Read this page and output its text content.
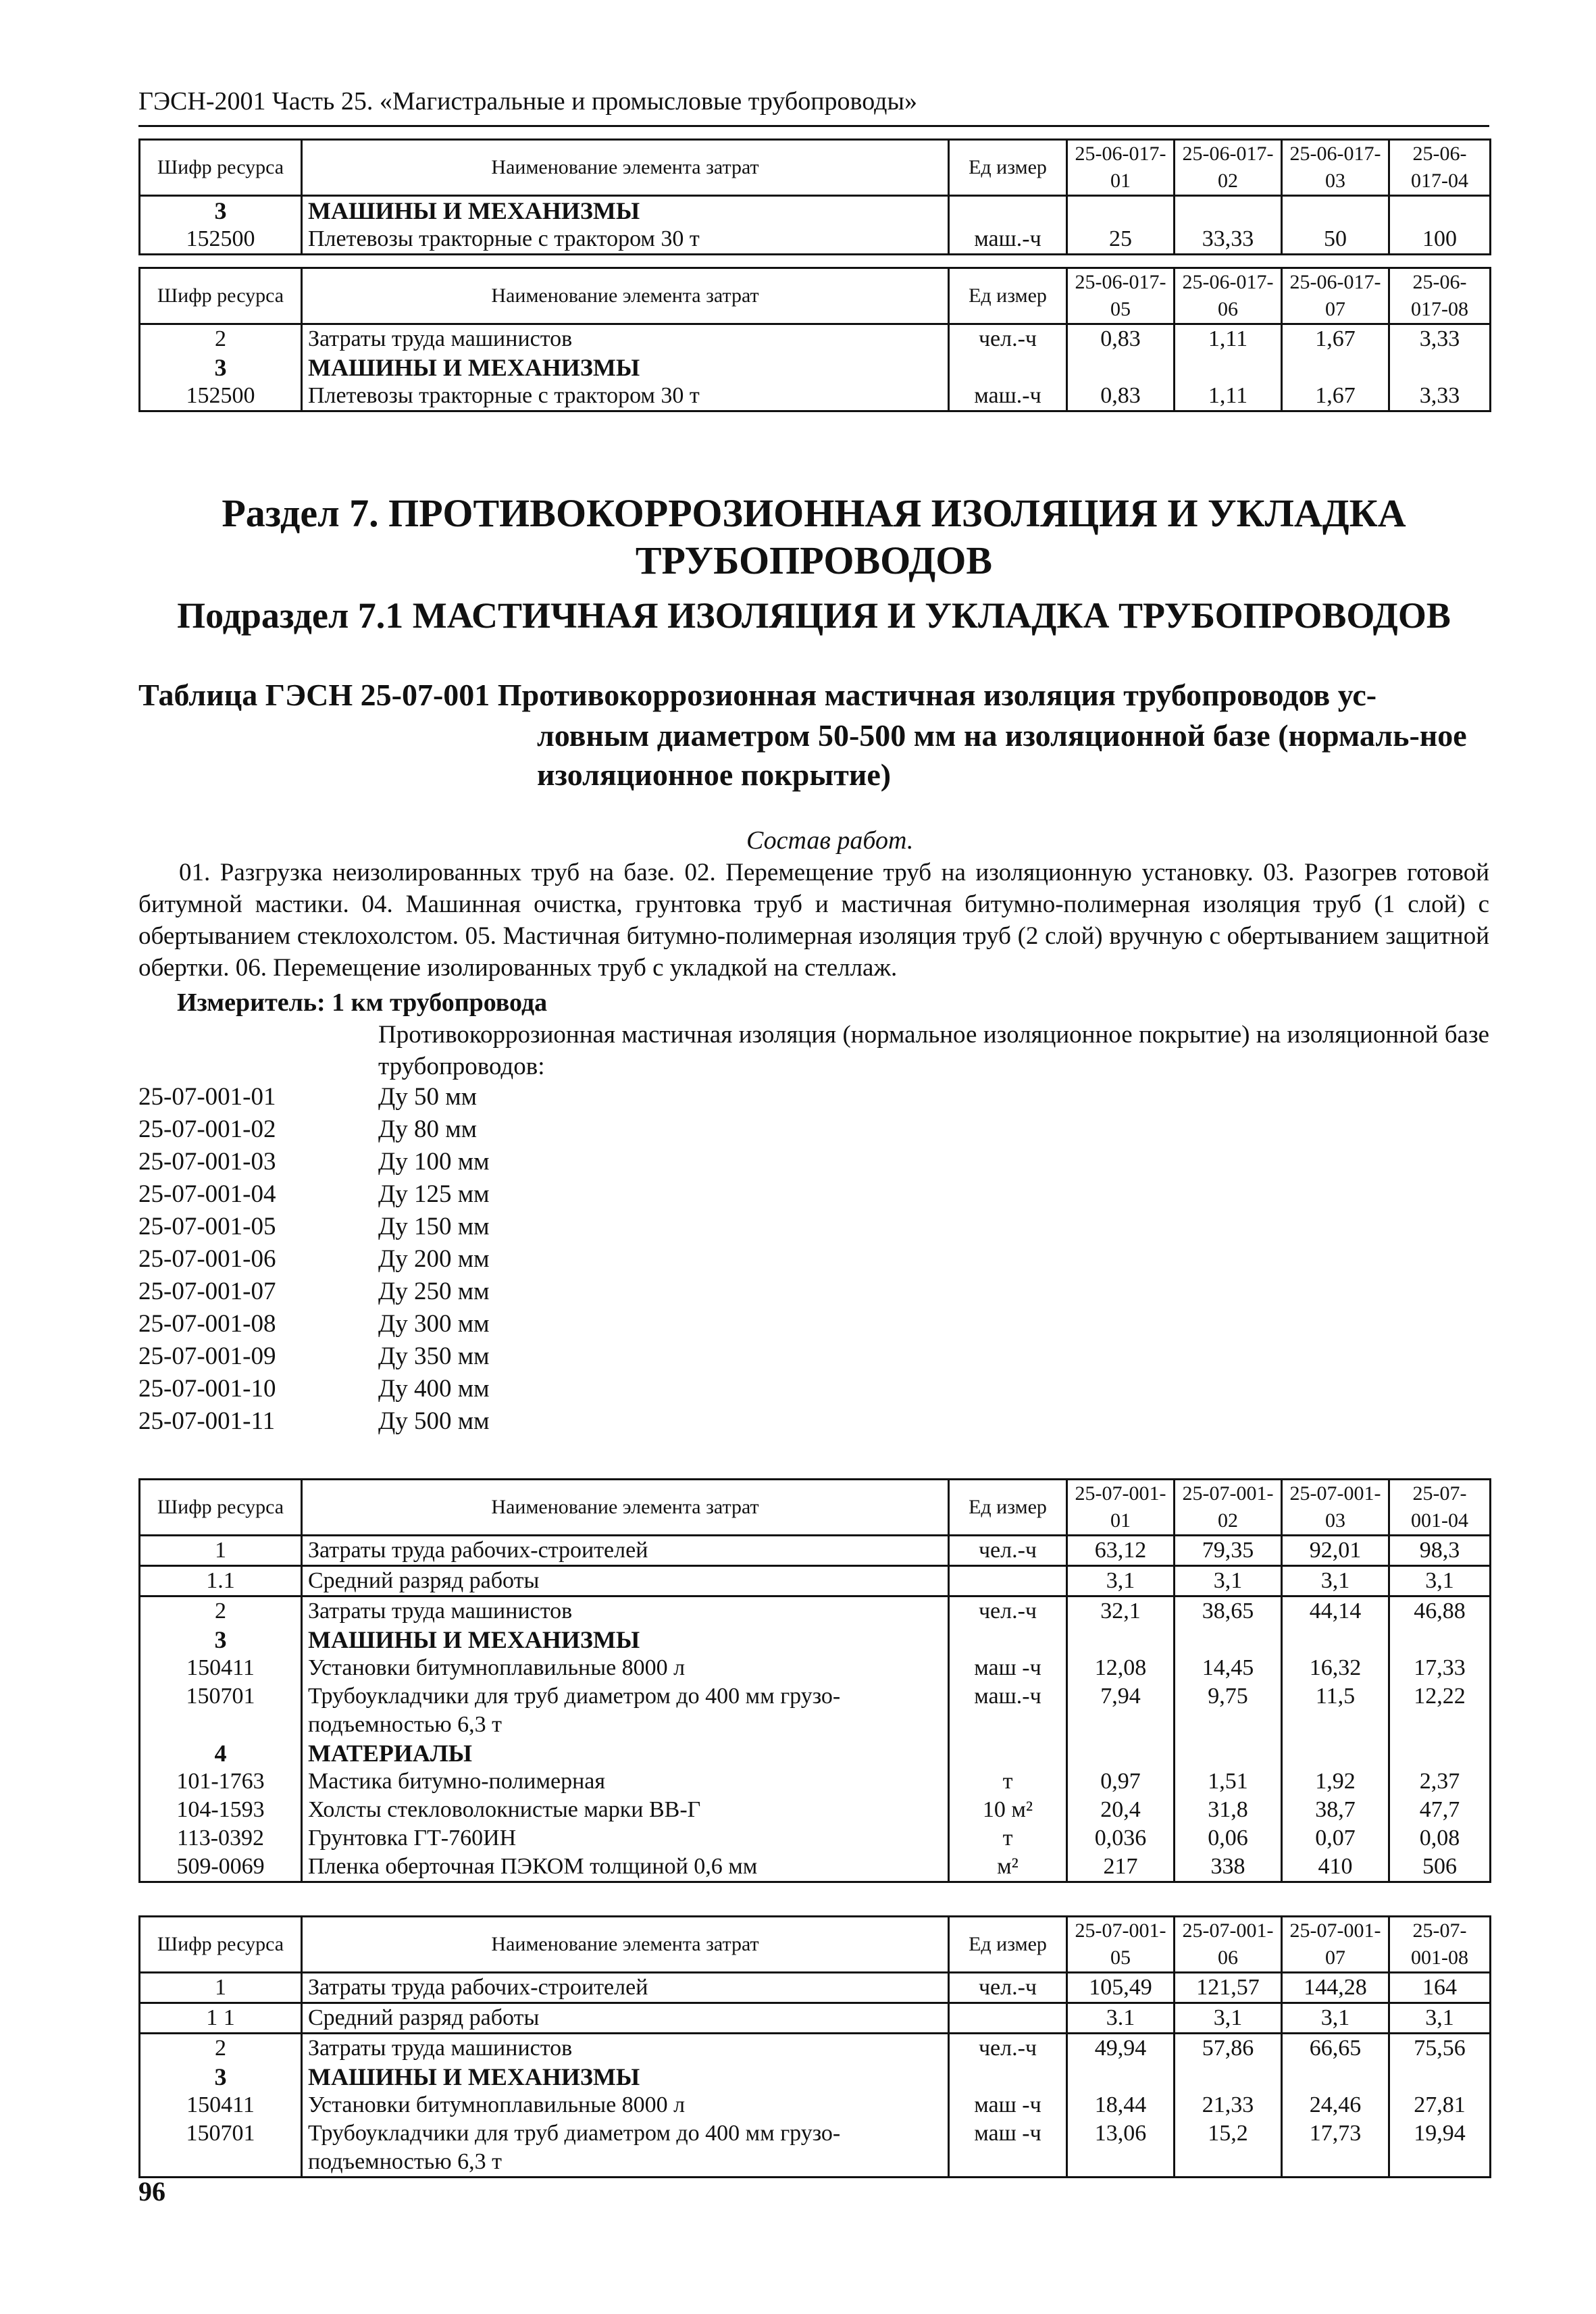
ГЭСН-2001 Часть 25. «Магистральные и промысловые трубопроводы»
Шифр ресурса	Наименование элемента затрат	Ед измер	25-06-017-01	25-06-017-02	25-06-017-03	25-06-017-04
3	МАШИНЫ И МЕХАНИЗМЫ					
152500	Плетевозы тракторные с трактором 30 т	маш.-ч	25	33,33	50	100
Шифр ресурса	Наименование элемента затрат	Ед измер	25-06-017-05	25-06-017-06	25-06-017-07	25-06-017-08
2	Затраты труда машинистов	чел.-ч	0,83	1,11	1,67	3,33
3	МАШИНЫ И МЕХАНИЗМЫ					
152500	Плетевозы тракторные с трактором 30 т	маш.-ч	0,83	1,11	1,67	3,33
Раздел 7. ПРОТИВОКОРРОЗИОННАЯ ИЗОЛЯЦИЯ И УКЛАДКА
ТРУБОПРОВОДОВ
Подраздел 7.1 МАСТИЧНАЯ ИЗОЛЯЦИЯ И УКЛАДКА ТРУБОПРОВОДОВ
Таблица ГЭСН 25-07-001 Противокоррозионная мастичная изоляция трубопроводов ус-
ловным диаметром 50-500 мм на изоляционной базе (нормаль-ное изоляционное покрытие)
Состав работ.
01. Разгрузка неизолированных труб на базе. 02. Перемещение труб на изоляционную установку. 03. Разогрев готовой битумной мастики. 04. Машинная очистка, грунтовка труб и мастичная битумно-полимерная изоляция труб (1 слой) с обертыванием стеклохолстом. 05. Мастичная битумно-полимерная изоляция труб (2 слой) вручную с обертыванием защитной обертки. 06. Перемещение изолированных труб с укладкой на стеллаж.
Измеритель: 1 км трубопровода
Противокоррозионная мастичная изоляция (нормальное изоляционное покрытие) на изоляционной базе трубопроводов:
25-07-001-01	Ду 50 мм
25-07-001-02	Ду 80 мм
25-07-001-03	Ду 100 мм
25-07-001-04	Ду 125 мм
25-07-001-05	Ду 150 мм
25-07-001-06	Ду 200 мм
25-07-001-07	Ду 250 мм
25-07-001-08	Ду 300 мм
25-07-001-09	Ду 350 мм
25-07-001-10	Ду 400 мм
25-07-001-11	Ду 500 мм
Шифр ресурса	Наименование элемента затрат	Ед измер	25-07-001-01	25-07-001-02	25-07-001-03	25-07-001-04
1	Затраты труда рабочих-строителей	чел.-ч	63,12	79,35	92,01	98,3
1.1	Средний разряд работы		3,1	3,1	3,1	3,1
2	Затраты труда машинистов	чел.-ч	32,1	38,65	44,14	46,88
3	МАШИНЫ И МЕХАНИЗМЫ					
150411	Установки битумноплавильные 8000 л	маш -ч	12,08	14,45	16,32	17,33
150701	Трубоукладчики для труб диаметром до 400 мм грузо-подъемностью 6,3 т	маш.-ч	7,94	9,75	11,5	12,22
4	МАТЕРИАЛЫ					
101-1763	Мастика битумно-полимерная	т	0,97	1,51	1,92	2,37
104-1593	Холсты стекловолокнистые марки ВВ-Г	10 м²	20,4	31,8	38,7	47,7
113-0392	Грунтовка ГТ-760ИН	т	0,036	0,06	0,07	0,08
509-0069	Пленка оберточная ПЭКОМ толщиной 0,6 мм	м²	217	338	410	506
Шифр ресурса	Наименование элемента затрат	Ед измер	25-07-001-05	25-07-001-06	25-07-001-07	25-07-001-08
1	Затраты труда рабочих-строителей	чел.-ч	105,49	121,57	144,28	164
1 1	Средний разряд работы		3.1	3,1	3,1	3,1
2	Затраты труда машинистов	чел.-ч	49,94	57,86	66,65	75,56
3	МАШИНЫ И МЕХАНИЗМЫ					
150411	Установки битумноплавильные 8000 л	маш -ч	18,44	21,33	24,46	27,81
150701	Трубоукладчики для труб диаметром до 400 мм грузо-подъемностью 6,3 т	маш -ч	13,06	15,2	17,73	19,94
96
